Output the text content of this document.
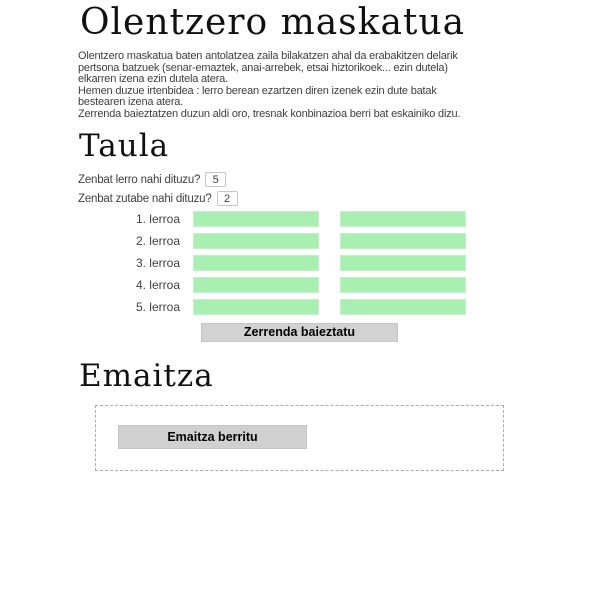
Olentzero maskatua
Olentzero maskatua baten antolatzea zaila bilakatzen ahal da erabakitzen delarik
pertsona batzuek (senar-emaztek, anai-arrebek, etsai hiztorikoek... ezin dutela)
elkarren izena ezin dutela atera.
Hemen duzue irtenbidea : lerro berean ezartzen diren izenek ezin dute batak
bestearen izena atera.
Zerrenda baieztatzen duzun aldi oro, tresnak konbinazioa berri bat eskainiko dizu.
Taula
Zenbat lerro nahi dituzu?
5
Zenbat zutabe nahi dituzu?
2
1. lerroa
2. lerroa
3. lerroa
4. lerroa
5. lerroa
Zerrenda baieztatu
Emaitza
Emaitza berritu
